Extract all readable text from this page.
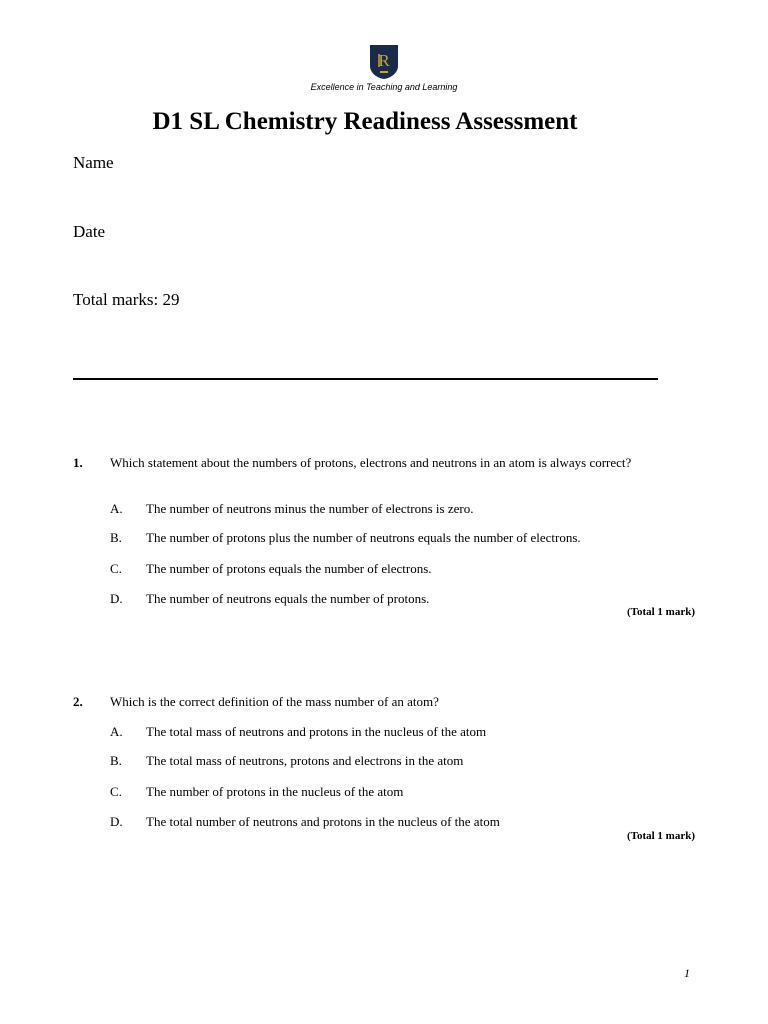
R
Excellence in Teaching and Learning
D1 SL Chemistry Readiness Assessment
Name
Date
Total marks: 29
1. Which statement about the numbers of protons, electrons and neutrons in an atom is always correct?
A. The number of neutrons minus the number of electrons is zero.
B. The number of protons plus the number of neutrons equals the number of electrons.
C. The number of protons equals the number of electrons.
D. The number of neutrons equals the number of protons.
(Total 1 mark)
2. Which is the correct definition of the mass number of an atom?
A. The total mass of neutrons and protons in the nucleus of the atom
B. The total mass of neutrons, protons and electrons in the atom
C. The number of protons in the nucleus of the atom
D. The total number of neutrons and protons in the nucleus of the atom
(Total 1 mark)
1
